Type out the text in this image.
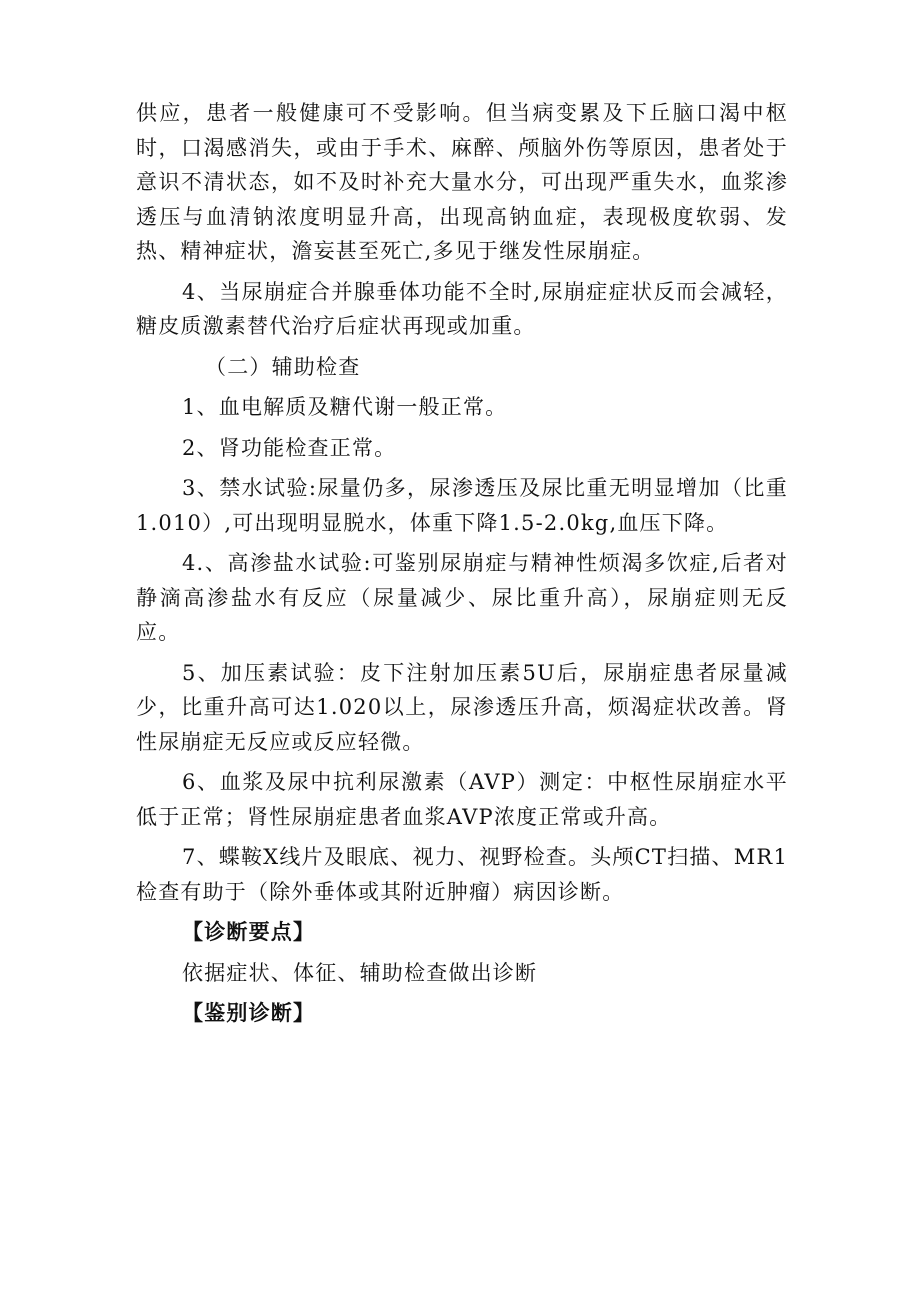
供应，患者一般健康可不受影响。但当病变累及下丘脑口渴中枢时，口渴感消失，或由于手术、麻醉、颅脑外伤等原因，患者处于意识不清状态，如不及时补充大量水分，可出现严重失水，血浆渗透压与血清钠浓度明显升高，出现高钠血症，表现极度软弱、发热、精神症状，澹妄甚至死亡,多见于继发性尿崩症。

4、当尿崩症合并腺垂体功能不全时,尿崩症症状反而会减轻，糖皮质激素替代治疗后症状再现或加重。

（二）辅助检查

1、血电解质及糖代谢一般正常。

2、肾功能检查正常。

3、禁水试验:尿量仍多，尿渗透压及尿比重无明显增加（比重1.010）,可出现明显脱水，体重下降1.5-2.0kg,血压下降。

4.、高渗盐水试验:可鉴别尿崩症与精神性烦渴多饮症,后者对静滴高渗盐水有反应（尿量减少、尿比重升高），尿崩症则无反应。

5、加压素试验：皮下注射加压素5U后，尿崩症患者尿量减少，比重升高可达1.020以上，尿渗透压升高，烦渴症状改善。肾性尿崩症无反应或反应轻微。

6、血浆及尿中抗利尿激素（AVP）测定：中枢性尿崩症水平低于正常；肾性尿崩症患者血浆AVP浓度正常或升高。

7、蝶鞍X线片及眼底、视力、视野检查。头颅CT扫描、MR1检查有助于（除外垂体或其附近肿瘤）病因诊断。

【诊断要点】

依据症状、体征、辅助检查做出诊断

【鉴别诊断】
